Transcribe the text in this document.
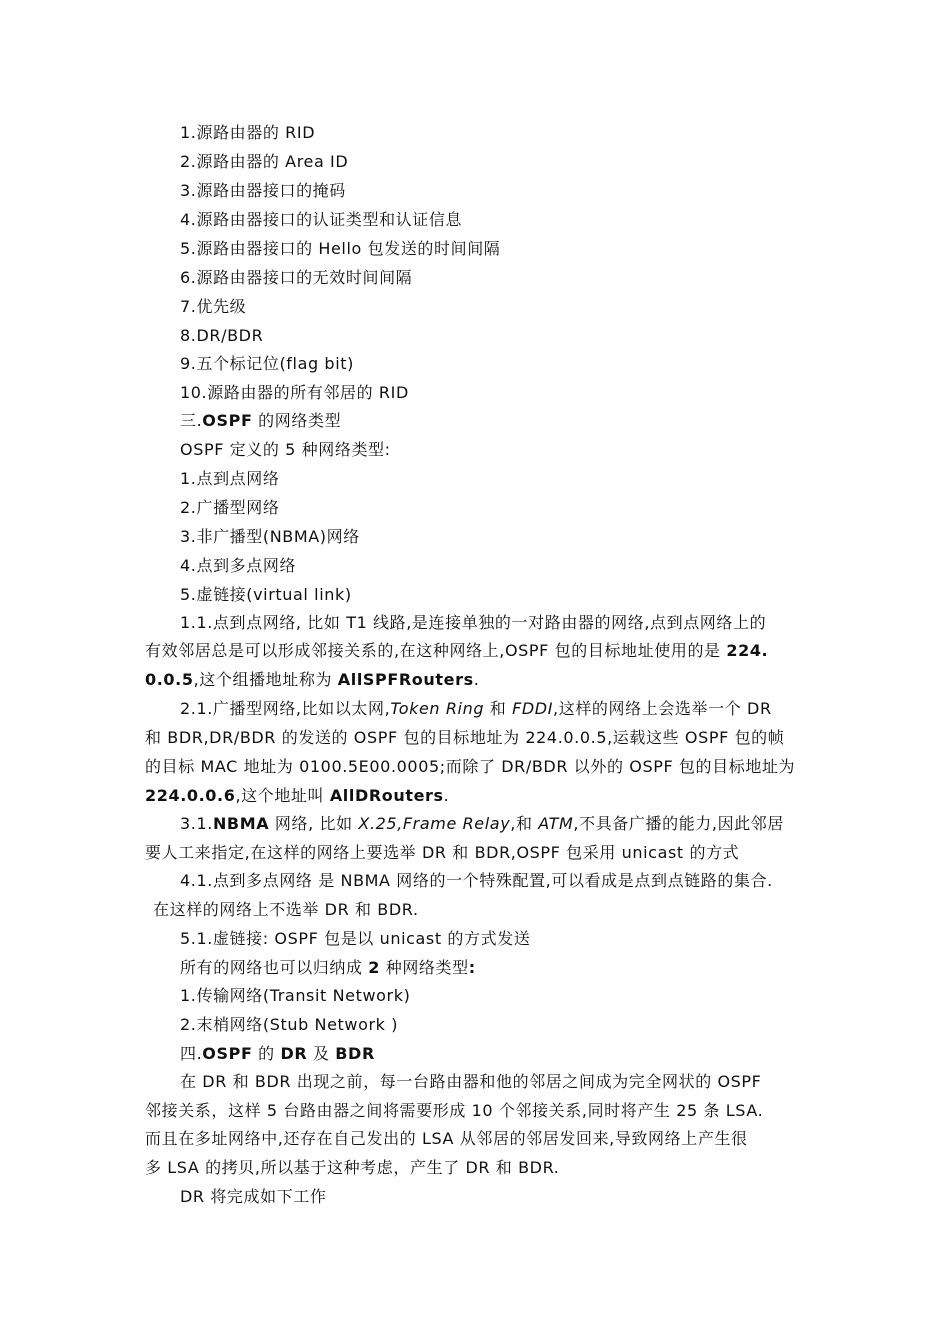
1.源路由器的 RID
2.源路由器的 Area ID
3.源路由器接口的掩码
4.源路由器接口的认证类型和认证信息
5.源路由器接口的 Hello 包发送的时间间隔
6.源路由器接口的无效时间间隔
7.优先级
8.DR/BDR
9.五个标记位(flag bit)
10.源路由器的所有邻居的 RID
三.OSPF 的网络类型
OSPF 定义的 5 种网络类型:
1.点到点网络
2.广播型网络
3.非广播型(NBMA)网络
4.点到多点网络
5.虚链接(virtual link)
1.1.点到点网络, 比如 T1 线路,是连接单独的一对路由器的网络,点到点网络上的
有效邻居总是可以形成邻接关系的,在这种网络上,OSPF 包的目标地址使用的是 224.
0.0.5,这个组播地址称为 AllSPFRouters.
2.1.广播型网络,比如以太网,Token Ring 和 FDDI,这样的网络上会选举一个 DR
和 BDR,DR/BDR 的发送的 OSPF 包的目标地址为 224.0.0.5,运载这些 OSPF 包的帧
的目标 MAC 地址为 0100.5E00.0005;而除了 DR/BDR 以外的 OSPF 包的目标地址为
224.0.0.6,这个地址叫 AllDRouters.
3.1.NBMA 网络, 比如 X.25,Frame Relay,和 ATM,不具备广播的能力,因此邻居
要人工来指定,在这样的网络上要选举 DR 和 BDR,OSPF 包采用 unicast 的方式
4.1.点到多点网络 是 NBMA 网络的一个特殊配置,可以看成是点到点链路的集合.
在这样的网络上不选举 DR 和 BDR.
5.1.虚链接: OSPF 包是以 unicast 的方式发送
所有的网络也可以归纳成 2 种网络类型:
1.传输网络(Transit Network)
2.末梢网络(Stub Network )
四.OSPF 的 DR 及 BDR
在 DR 和 BDR 出现之前，每一台路由器和他的邻居之间成为完全网状的 OSPF
邻接关系，这样 5 台路由器之间将需要形成 10 个邻接关系,同时将产生 25 条 LSA.
而且在多址网络中,还存在自己发出的 LSA 从邻居的邻居发回来,导致网络上产生很
多 LSA 的拷贝,所以基于这种考虑，产生了 DR 和 BDR.
DR 将完成如下工作
